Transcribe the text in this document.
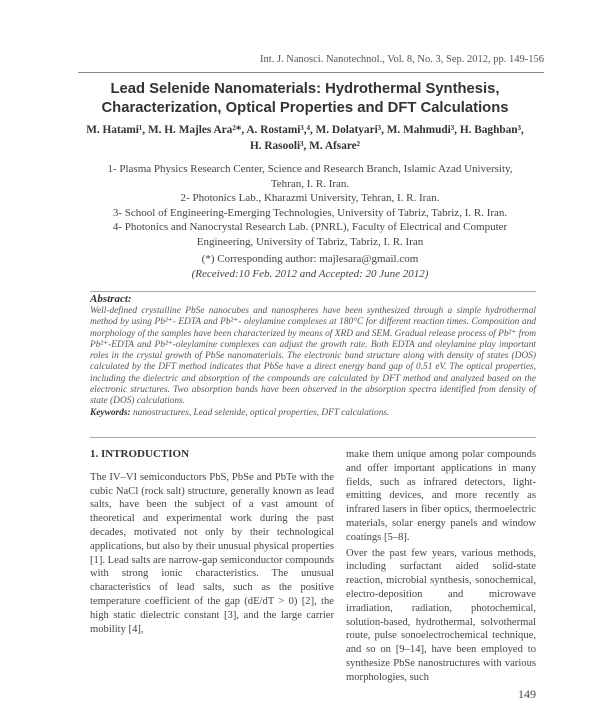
Int. J. Nanosci. Nanotechnol., Vol. 8, No. 3, Sep. 2012, pp. 149-156
Lead Selenide Nanomaterials: Hydrothermal Synthesis, Characterization, Optical Properties and DFT Calculations
M. Hatami¹, M. H. Majles Ara²*, A. Rostami³,⁴, M. Dolatyari³, M. Mahmudi³, H. Baghban³, H. Rasooli³, M. Afsare²
1- Plasma Physics Research Center, Science and Research Branch, Islamic Azad University, Tehran, I. R. Iran.
2- Photonics Lab., Kharazmi University, Tehran, I. R. Iran.
3- School of Engineering-Emerging Technologies, University of Tabriz, Tabriz, I. R. Iran.
4- Photonics and Nanocrystal Research Lab. (PNRL), Faculty of Electrical and Computer Engineering, University of Tabriz, Tabriz, I. R. Iran
(*) Corresponding author: majlesara@gmail.com
(Received:10 Feb. 2012 and Accepted: 20 June 2012)
Abstract:
Well-defined crystalline PbSe nanocubes and nanospheres have been synthesized through a simple hydrothermal method by using Pb²⁺- EDTA and Pb²⁺- oleylamine complexes at 180°C for different reaction times. Composition and morphology of the samples have been characterized by means of XRD and SEM. Gradual release process of Pb²⁺ from Pb²⁺-EDTA and Pb²⁺-oleylamine complexes can adjust the growth rate. Both EDTA and oleylamine play important roles in the crystal growth of PbSe nanomaterials. The electronic band structure along with density of states (DOS) calculated by the DFT method indicates that PbSe have a direct energy band gap of 0.51 eV. The optical properties, including the dielectric and absorption of the compounds are calculated by DFT method and analyzed based on the electronic structures. Two absorption bands have been observed in the absorption spectra identified from density of state (DOS) calculations.
Keywords: nanostructures, Lead selenide, optical properties, DFT calculations.
1. INTRODUCTION

The IV–VI semiconductors PbS, PbSe and PbTe with the cubic NaCl (rock salt) structure, generally known as lead salts, have been the subject of a vast amount of theoretical and experimental work during the past decades, motivated not only by their technological applications, but also by their unusual physical properties [1]. Lead salts are narrow-gap semiconductor compounds with strong ionic characteristics. The unusual characteristics of lead salts, such as the positive temperature coefficient of the gap (dE/dT > 0) [2], the high static dielectric constant [3], and the large carrier mobility [4],

make them unique among polar compounds and offer important applications in many fields, such as infrared detectors, light-emitting devices, and more recently as infrared lasers in fiber optics, thermoelectric materials, solar energy panels and window coatings [5–8].

Over the past few years, various methods, including surfactant aided solid-state reaction, microbial synthesis, sonochemical, electro-deposition and microwave irradiation, radiation, photochemical, solution-based, hydrothermal, solvothermal route, pulse sonoelectrochemical technique, and so on [9–14], have been employed to synthesize PbSe nanostructures with various morphologies, such

149
